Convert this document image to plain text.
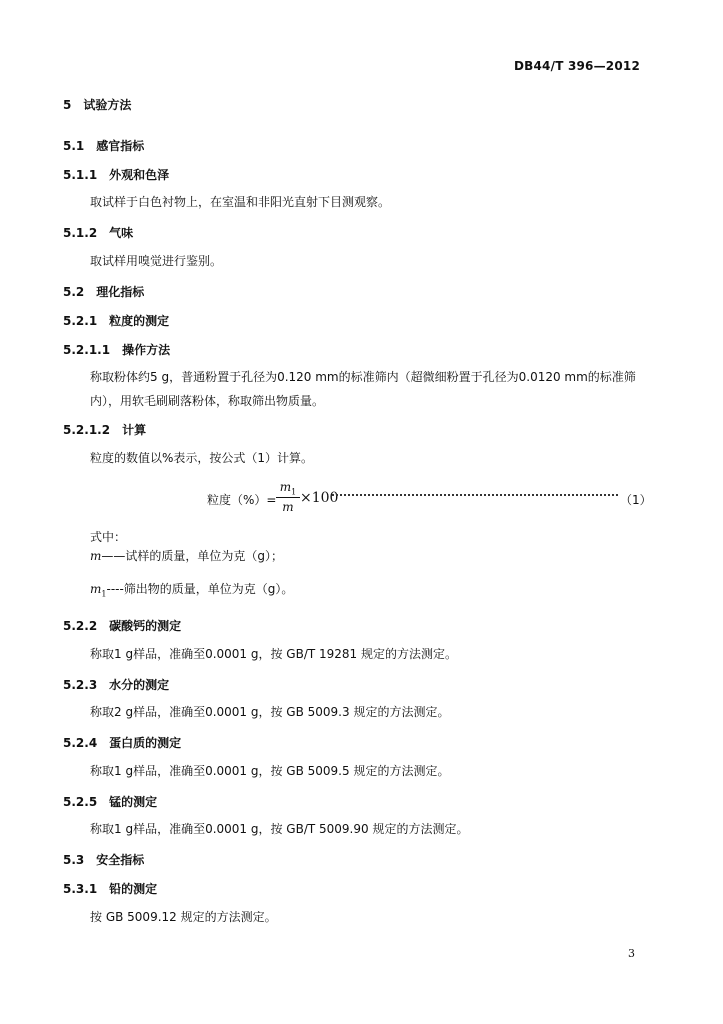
DB44/T 396—2012
5 试验方法
5.1 感官指标
5.1.1 外观和色泽
取试样于白色衬物上，在室温和非阳光直射下目测观察。
5.1.2 气味
取试样用嗅觉进行鉴别。
5.2 理化指标
5.2.1 粒度的测定
5.2.1.1 操作方法
称取粉体约5 g，普通粉置于孔径为0.120 mm的标准筛内（超微细粉置于孔径为0.0120 mm的标准筛内），用软毛刷刷落粉体，称取筛出物质量。
5.2.1.2 计算
粒度的数值以%表示，按公式（1）计算。
粒度（%）=
$m_1$
m
×100	（1）
式中：
m——试样的质量，单位为克（g）；
$m_1----$筛出物的质量，单位为克（g）。
5.2.2 碳酸钙的测定
称取1 g样品，准确至0.0001 g，按 GB/T 19281 规定的方法测定。
5.2.3 水分的测定
称取2 g样品，准确至0.0001 g，按 GB 5009.3 规定的方法测定。
5.2.4 蛋白质的测定
称取1 g样品，准确至0.0001 g，按 GB 5009.5 规定的方法测定。
5.2.5 锰的测定
称取1 g样品，准确至0.0001 g，按 GB/T 5009.90 规定的方法测定。
5.3 安全指标
5.3.1 铅的测定
按 GB 5009.12 规定的方法测定。
3
